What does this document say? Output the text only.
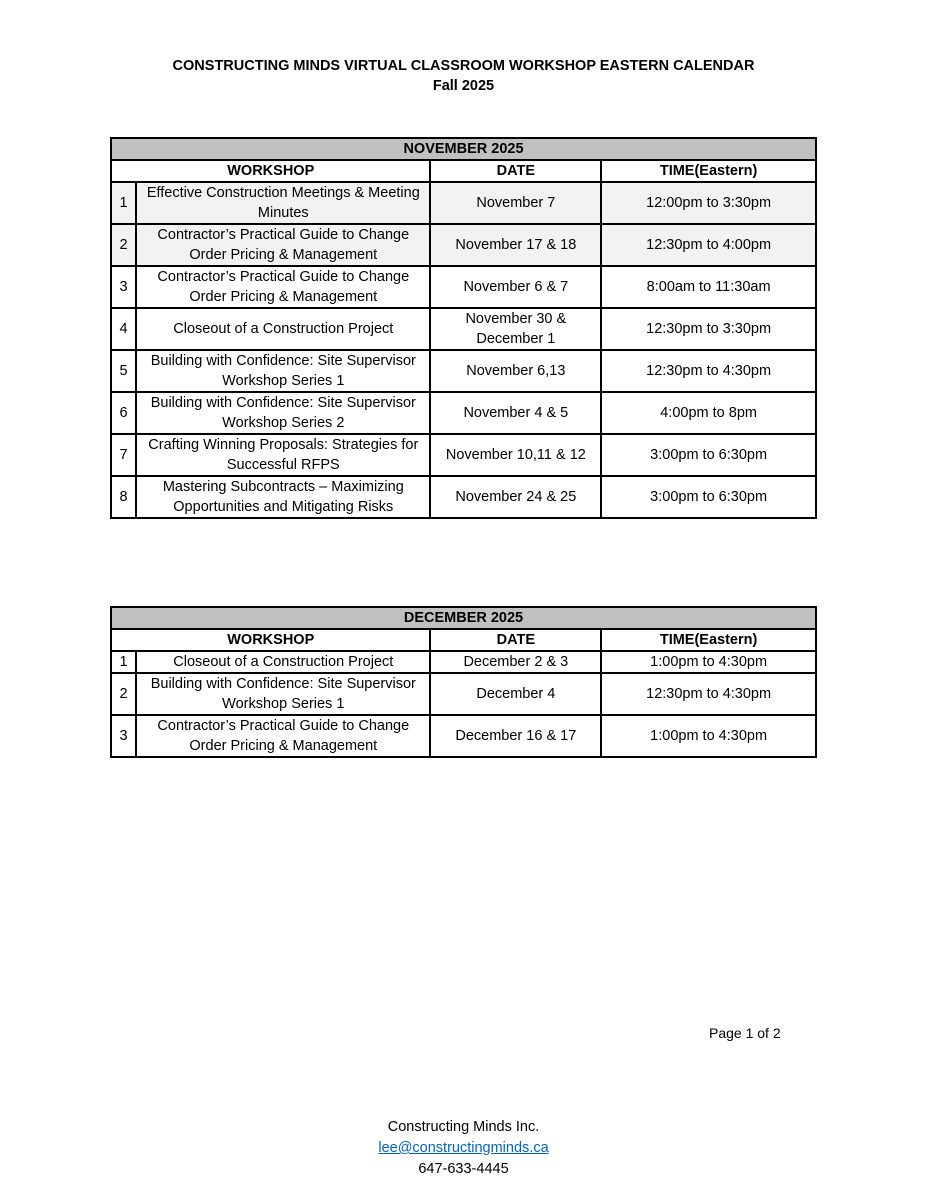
CONSTRUCTING MINDS VIRTUAL CLASSROOM WORKSHOP EASTERN CALENDAR
Fall 2025
NOVEMBER 2025			
WORKSHOP		DATE	TIME(Eastern)
1	Effective Construction Meetings & Meeting Minutes	November 7	12:00pm to 3:30pm
2	Contractor’s Practical Guide to Change Order Pricing & Management	November 17 & 18	12:30pm to 4:00pm
3	Contractor’s Practical Guide to Change Order Pricing & Management	November 6 & 7	8:00am to 11:30am
4	Closeout of a Construction Project	November 30 & December 1	12:30pm to 3:30pm
5	Building with Confidence: Site Supervisor Workshop Series 1	November 6,13	12:30pm to 4:30pm
6	Building with Confidence: Site Supervisor Workshop Series 2	November 4 & 5	4:00pm to 8pm
7	Crafting Winning Proposals: Strategies for Successful RFPS	November 10,11 & 12	3:00pm to 6:30pm
8	Mastering Subcontracts – Maximizing Opportunities and Mitigating Risks	November 24 & 25	3:00pm to 6:30pm
DECEMBER 2025			
WORKSHOP		DATE	TIME(Eastern)
1	Closeout of a Construction Project	December 2 & 3	1:00pm to 4:30pm
2	Building with Confidence: Site Supervisor Workshop Series 1	December 4	12:30pm to 4:30pm
3	Contractor’s Practical Guide to Change Order Pricing & Management	December 16 & 17	1:00pm to 4:30pm
Page 1 of 2
Constructing Minds Inc.
lee@constructingminds.ca
647-633-4445
